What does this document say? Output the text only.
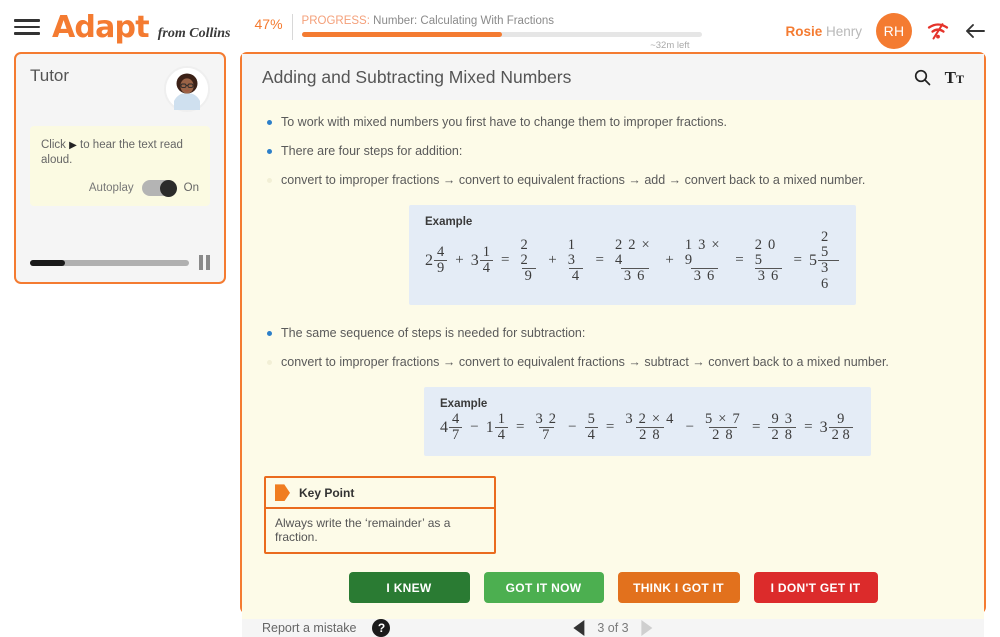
Adapt from Collins
47% PROGRESS: Number: Calculating With Fractions
~32m left
Rosie Henry	RH
Tutor
Click ▶ to hear the text read aloud.
Autoplay	On
Adding and Subtracting Mixed Numbers	TT
To work with mixed numbers you first have to change them to improper fractions.
There are four steps for addition:
convert to improper fractions → convert to equivalent fractions → add → convert back to a mixed number.
Example
$2 \frac{4}{9} + 3 \frac{1}{4} = \frac{2 2}{9} + \frac{1 3}{4} = \frac{2 2 \times 4}{3 6} + \frac{1 3 \times 9}{3 6} = \frac{2 0 5}{3 6} = 5 \frac{2 5}{3 6}$
The same sequence of steps is needed for subtraction:
convert to improper fractions → convert to equivalent fractions → subtract → convert back to a mixed number.
Example
$4 \frac{4}{7} - 1 \frac{1}{4} = \frac{3 2}{7} - \frac{5}{4} = \frac{3 2 \times 4}{2 8} - \frac{5 \times 7}{2 8} = \frac{9 3}{2 8} = 3 \frac{9}{2 8}$
Key Point
Always write the ‘remainder’ as a fraction.
I KNEW	GOT IT NOW	THINK I GOT IT	I DON'T GET IT
Report a mistake	?	3 of 3
